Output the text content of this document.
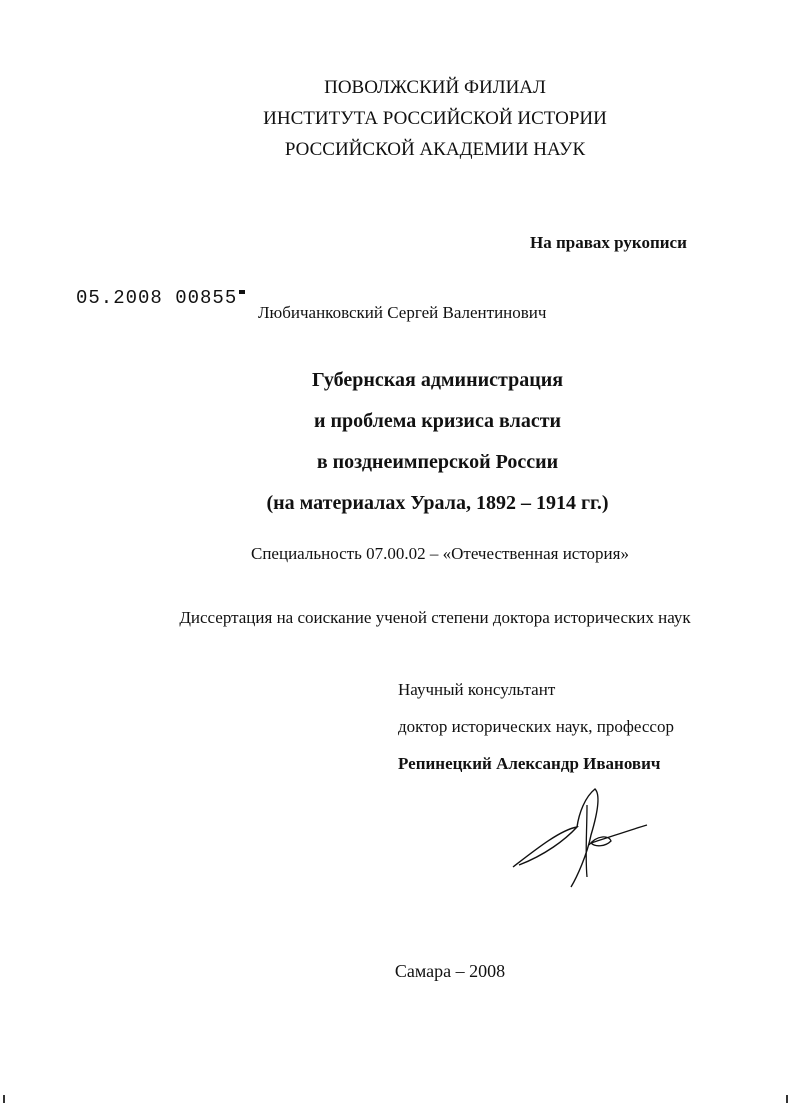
ПОВОЛЖСКИЙ ФИЛИАЛ
ИНСТИТУТА РОССИЙСКОЙ ИСТОРИИ
РОССИЙСКОЙ АКАДЕМИИ НАУК
На правах рукописи
05.2008 00855
Любичанковский Сергей Валентинович
Губернская администрация
и проблема кризиса власти
в позднеимперской России
(на материалах Урала, 1892 – 1914 гг.)
Специальность 07.00.02 – «Отечественная история»
Диссертация на соискание ученой степени доктора исторических наук
Научный консультант
доктор исторических наук, профессор
Репинецкий Александр Иванович
Самара – 2008
